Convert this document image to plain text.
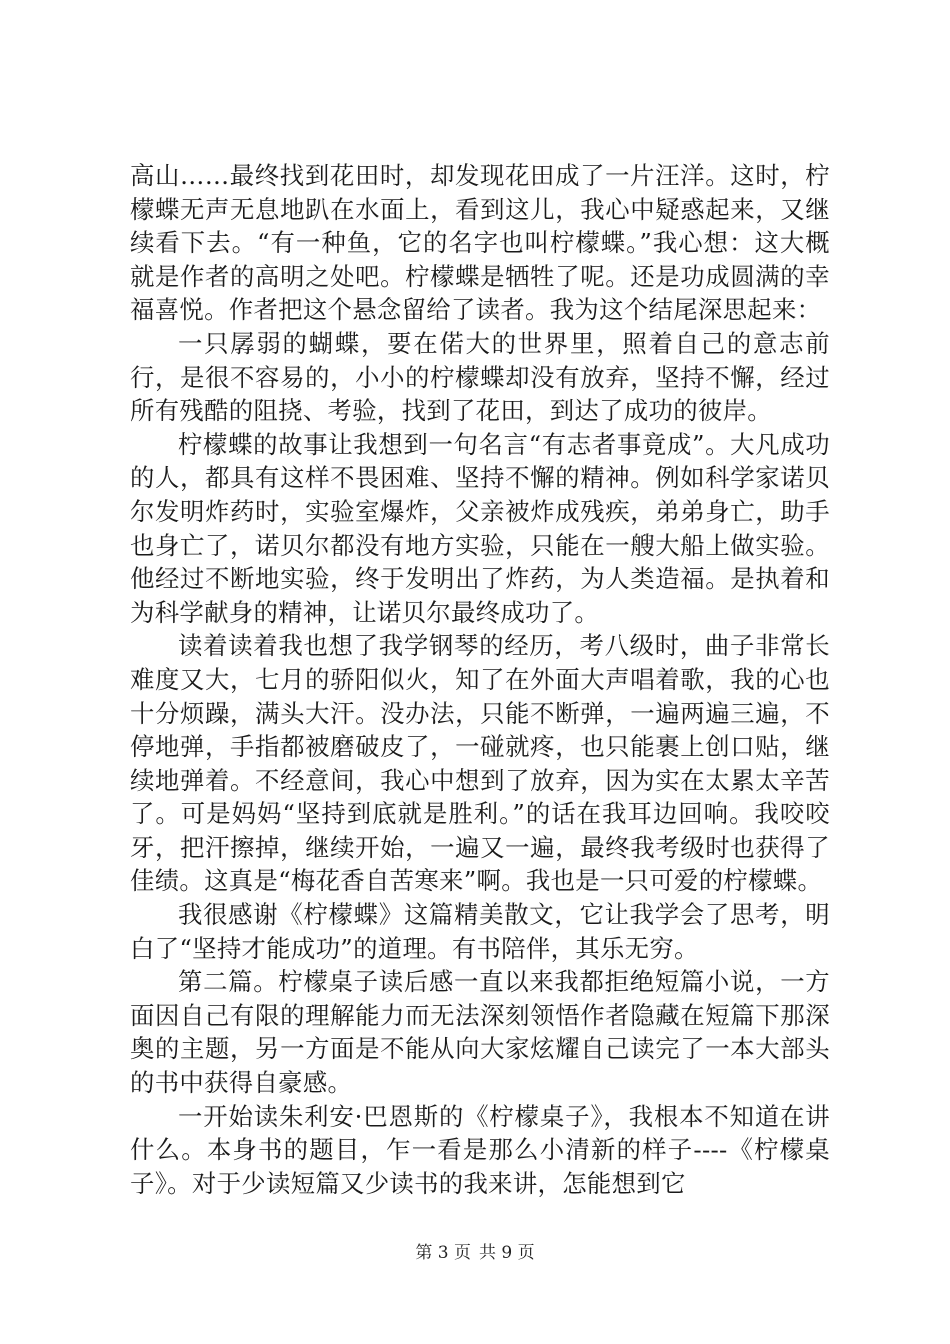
高山……最终找到花田时，却发现花田成了一片汪洋。这时，柠檬蝶无声无息地趴在水面上，看到这儿，我心中疑惑起来，又继续看下去。“有一种鱼，它的名字也叫柠檬蝶。”我心想：这大概就是作者的高明之处吧。柠檬蝶是牺牲了呢。还是功成圆满的幸福喜悦。作者把这个悬念留给了读者。我为这个结尾深思起来：

一只孱弱的蝴蝶，要在偌大的世界里，照着自己的意志前行，是很不容易的，小小的柠檬蝶却没有放弃，坚持不懈，经过所有残酷的阻挠、考验，找到了花田，到达了成功的彼岸。

柠檬蝶的故事让我想到一句名言“有志者事竟成”。大凡成功的人，都具有这样不畏困难、坚持不懈的精神。例如科学家诺贝尔发明炸药时，实验室爆炸，父亲被炸成残疾，弟弟身亡，助手也身亡了，诺贝尔都没有地方实验，只能在一艘大船上做实验。他经过不断地实验，终于发明出了炸药，为人类造福。是执着和为科学献身的精神，让诺贝尔最终成功了。

读着读着我也想了我学钢琴的经历，考八级时，曲子非常长难度又大，七月的骄阳似火，知了在外面大声唱着歌，我的心也十分烦躁，满头大汗。没办法，只能不断弹，一遍两遍三遍，不停地弹，手指都被磨破皮了，一碰就疼，也只能裹上创口贴，继续地弹着。不经意间，我心中想到了放弃，因为实在太累太辛苦了。可是妈妈“坚持到底就是胜利。”的话在我耳边回响。我咬咬牙，把汗擦掉，继续开始，一遍又一遍，最终我考级时也获得了佳绩。这真是“梅花香自苦寒来”啊。我也是一只可爱的柠檬蝶。

我很感谢《柠檬蝶》这篇精美散文，它让我学会了思考，明白了“坚持才能成功”的道理。有书陪伴，其乐无穷。

第二篇。柠檬桌子读后感一直以来我都拒绝短篇小说，一方面因自己有限的理解能力而无法深刻领悟作者隐藏在短篇下那深奥的主题，另一方面是不能从向大家炫耀自己读完了一本大部头的书中获得自豪感。

一开始读朱利安·巴恩斯的《柠檬桌子》，我根本不知道在讲什么。本身书的题目，乍一看是那么小清新的样子----《柠檬桌子》。对于少读短篇又少读书的我来讲，怎能想到它

第 3 页 共 9 页
